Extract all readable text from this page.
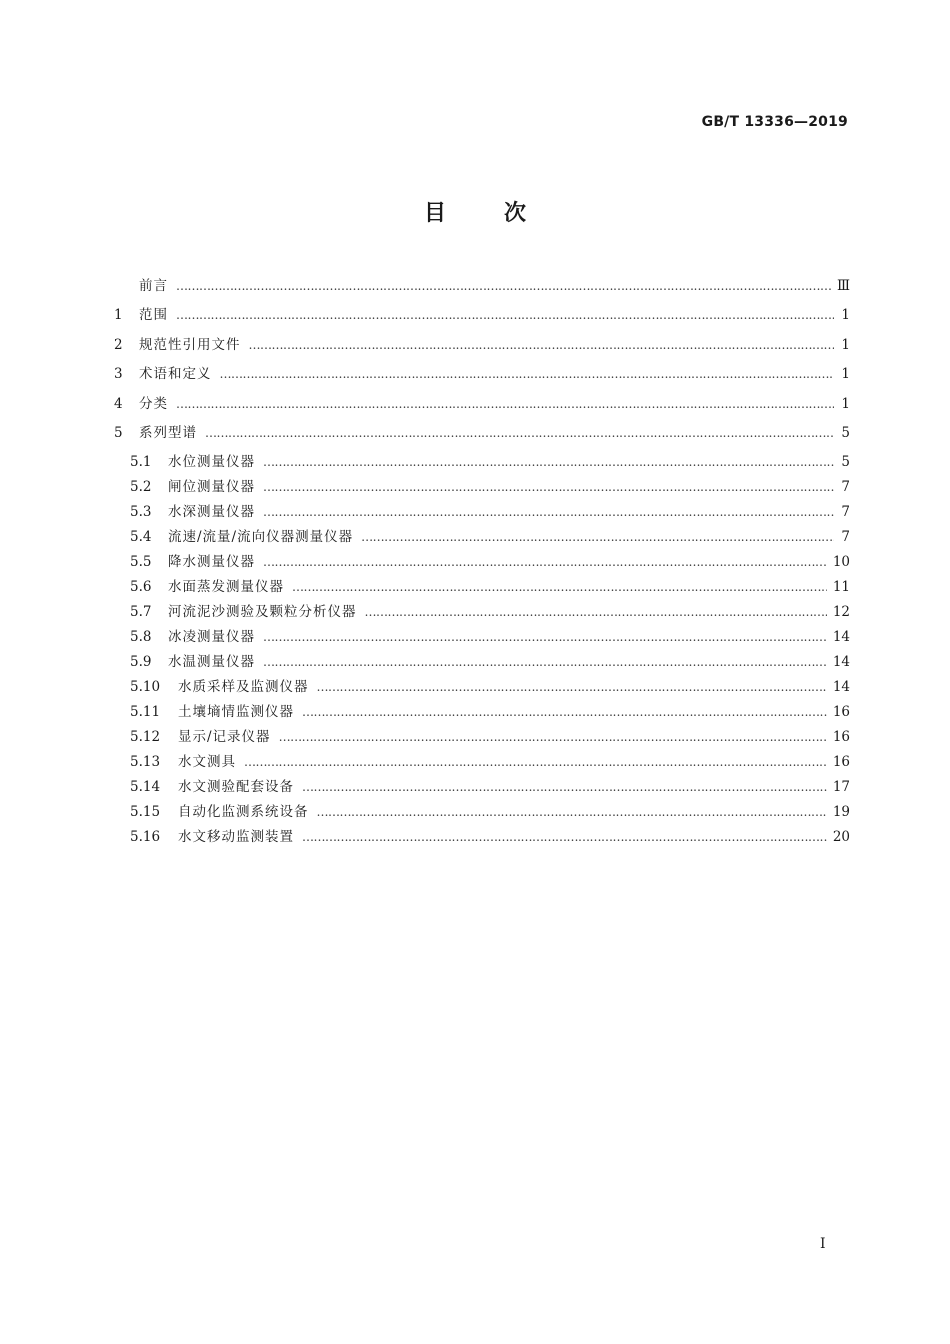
GB/T 13336—2019
目次
前言 ……………………………………………………………………………………………………………………………………………………………………………………………………	Ⅲ
1	范围 ……………………………………………………………………………………………………………………………………………………………………………………………………	1
2	规范性引用文件 ……………………………………………………………………………………………………………………………………………………………………………………………………	1
3	术语和定义 ……………………………………………………………………………………………………………………………………………………………………………………………………	1
4	分类 ……………………………………………………………………………………………………………………………………………………………………………………………………	1
5	系列型谱 ……………………………………………………………………………………………………………………………………………………………………………………………………	5
5.1	水位测量仪器 ……………………………………………………………………………………………………………………………………………………………………………………………………	5
5.2	闸位测量仪器 ……………………………………………………………………………………………………………………………………………………………………………………………………	7
5.3	水深测量仪器 ……………………………………………………………………………………………………………………………………………………………………………………………………	7
5.4	流速/流量/流向仪器测量仪器 ……………………………………………………………………………………………………………………………………………………………………………………………………	7
5.5	降水测量仪器 ……………………………………………………………………………………………………………………………………………………………………………………………………	10
5.6	水面蒸发测量仪器 ……………………………………………………………………………………………………………………………………………………………………………………………………	11
5.7	河流泥沙测验及颗粒分析仪器 ……………………………………………………………………………………………………………………………………………………………………………………………………	12
5.8	冰凌测量仪器 ……………………………………………………………………………………………………………………………………………………………………………………………………	14
5.9	水温测量仪器 ……………………………………………………………………………………………………………………………………………………………………………………………………	14
5.10	水质采样及监测仪器 ……………………………………………………………………………………………………………………………………………………………………………………………………	14
5.11	土壤墒情监测仪器 ……………………………………………………………………………………………………………………………………………………………………………………………………	16
5.12	显示/记录仪器 ……………………………………………………………………………………………………………………………………………………………………………………………………	16
5.13	水文测具 ……………………………………………………………………………………………………………………………………………………………………………………………………	16
5.14	水文测验配套设备 ……………………………………………………………………………………………………………………………………………………………………………………………………	17
5.15	自动化监测系统设备 ……………………………………………………………………………………………………………………………………………………………………………………………………	19
5.16	水文移动监测装置 ……………………………………………………………………………………………………………………………………………………………………………………………………	20
I
